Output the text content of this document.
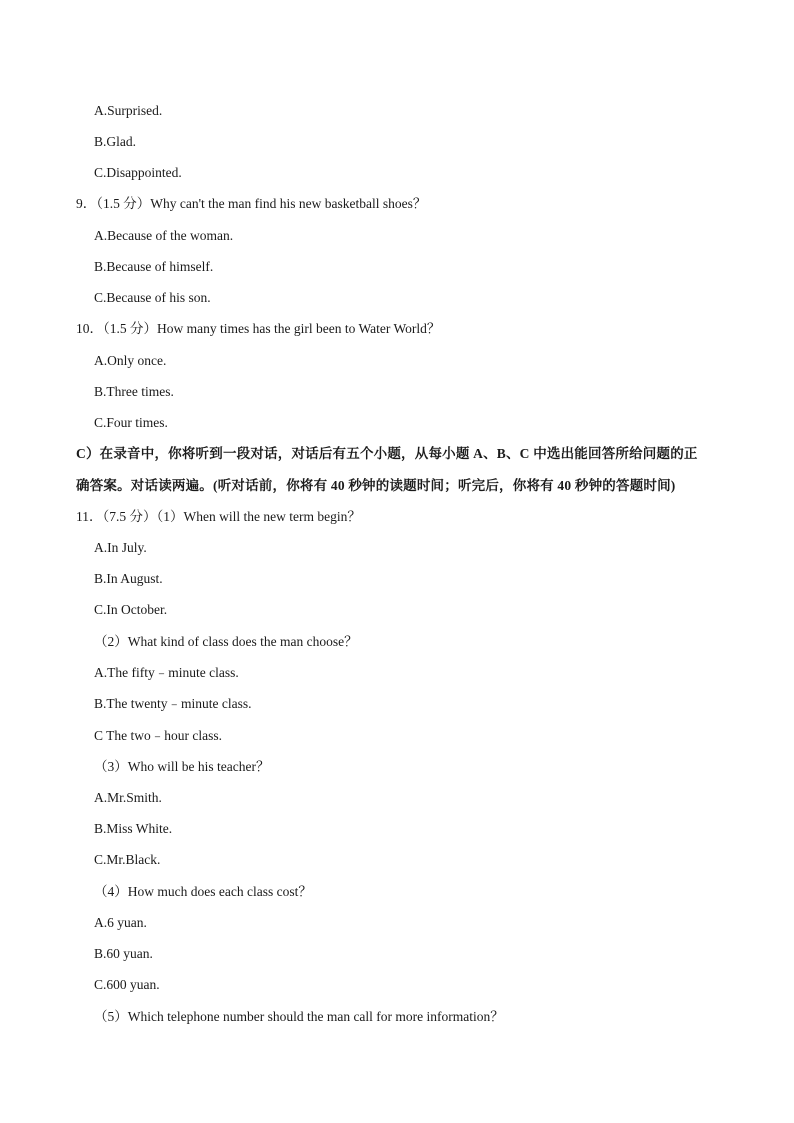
A.Surprised.
B.Glad.
C.Disappointed.
9．（1.5 分）Why can't the man find his new basketball shoes？
A.Because of the woman.
B.Because of himself.
C.Because of his son.
10．（1.5 分）How many times has the girl been to Water World？
A.Only once.
B.Three times.
C.Four times.
C）在录音中，你将听到一段对话，对话后有五个小题，从每小题 A、B、C 中选出能回答所给问题的正
确答案。对话读两遍。(听对话前，你将有 40 秒钟的读题时间；听完后，你将有 40 秒钟的答题时间)
11．（7.5 分）（1）When will the new term begin？
A.In July.
B.In August.
C.In October.
（2）What kind of class does the man choose？
A.The fifty﹣minute class.
B.The twenty﹣minute class.
C The two﹣hour class.
（3）Who will be his teacher？
A.Mr.Smith.
B.Miss White.
C.Mr.Black.
（4）How much does each class cost？
A.6 yuan.
B.60 yuan.
C.600 yuan.
（5）Which telephone number should the man call for more information？
